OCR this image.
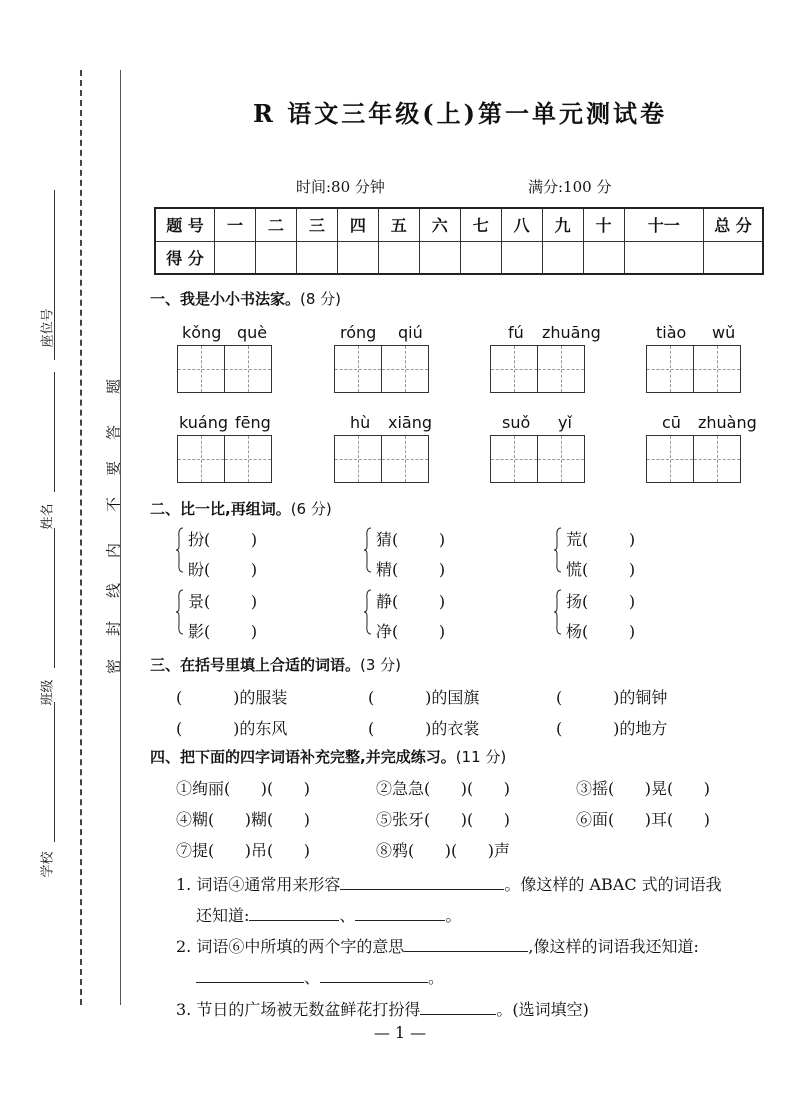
座位号
姓名
班级
学校
题
答
要
不
内
线
封
密
R 语文三年级(上)第一单元测试卷
时间:80 分钟	满分:100 分
题 号	一	二	三	四	五	六	七	八	九	十	十一	总 分
得 分												
一、我是小小书法家。(8 分)
kǒng què	róng qiú	fú zhuāng	tiào wǔ
kuáng fēng	hù xiāng	suǒ yǐ	cū zhuàng
二、比一比,再组词。(6 分)
扮(        )
盼(        )
猜(        )
精(        )
荒(        )
慌(        )
景(        )
影(        )
静(        )
净(        )
扬(        )
杨(        )
三、在括号里填上合适的词语。(3 分)
(          )的服装	(          )的国旗	(          )的铜钟
(          )的东风	(          )的衣裳	(          )的地方
四、把下面的四字词语补充完整,并完成练习。(11 分)
①绚丽(      )(      )	②急急(      )(      )	③摇(      )晃(      )
④糊(      )糊(      )	⑤张牙(      )(      )	⑥面(      )耳(      )
⑦提(      )吊(      )	⑧鸦(      )(      )声
1. 词语④通常用来形容	。像这样的 ABAC 式的词语我
还知道:	、	。
2. 词语⑥中所填的两个字的意思	,像这样的词语我还知道:
、	。
3. 节日的广场被无数盆鲜花打扮得	。(选词填空)
— 1 —
